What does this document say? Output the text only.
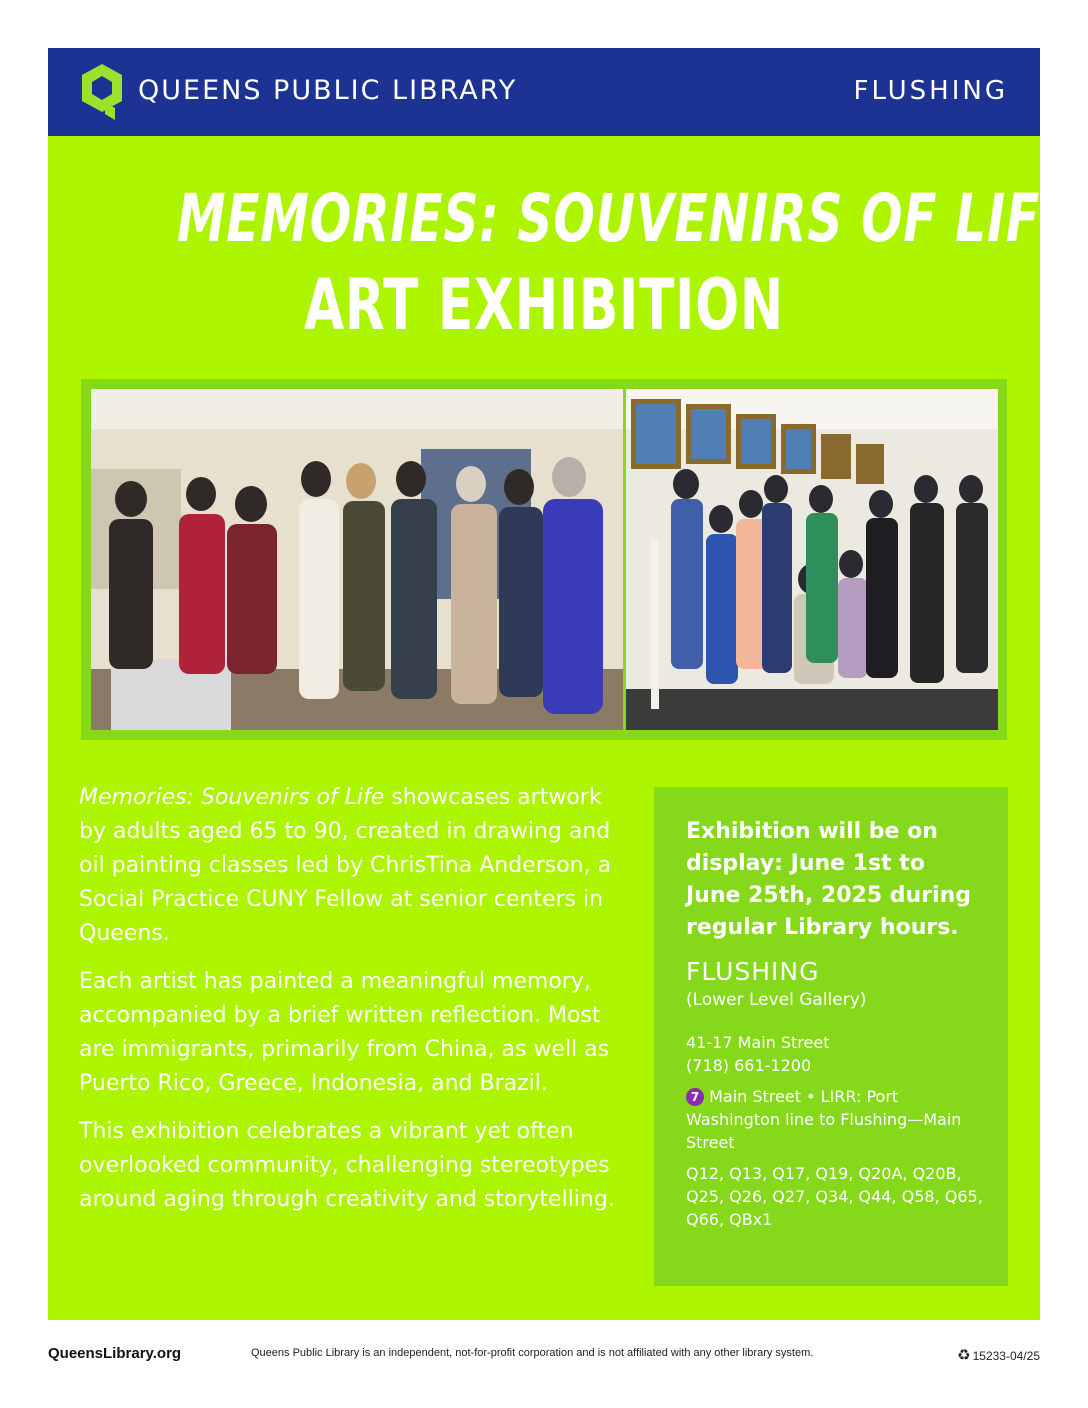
QUEENS PUBLIC LIBRARY	FLUSHING
MEMORIES: SOUVENIRS OF LIFE
ART EXHIBITION

Memories: Souvenirs of Life showcases artwork by adults aged 65 to 90, created in drawing and oil painting classes led by ChrisTina Anderson, a Social Practice CUNY Fellow at senior centers in Queens.

Each artist has painted a meaningful memory, accompanied by a brief written reflection. Most are immigrants, primarily from China, as well as Puerto Rico, Greece, Indonesia, and Brazil.

This exhibition celebrates a vibrant yet often overlooked community, challenging stereotypes around aging through creativity and storytelling.

Exhibition will be on display: June 1st to June 25th, 2025 during regular Library hours.
FLUSHING
(Lower Level Gallery)
41-17 Main Street
(718) 661-1200
7 Main Street • LIRR: Port Washington line to Flushing—Main Street
Q12, Q13, Q17, Q19, Q20A, Q20B, Q25, Q26, Q27, Q34, Q44, Q58, Q65, Q66, QBx1
QueensLibrary.org	Queens Public Library is an independent, not-for-profit corporation and is not affiliated with any other library system.	♻ 15233-04/25
